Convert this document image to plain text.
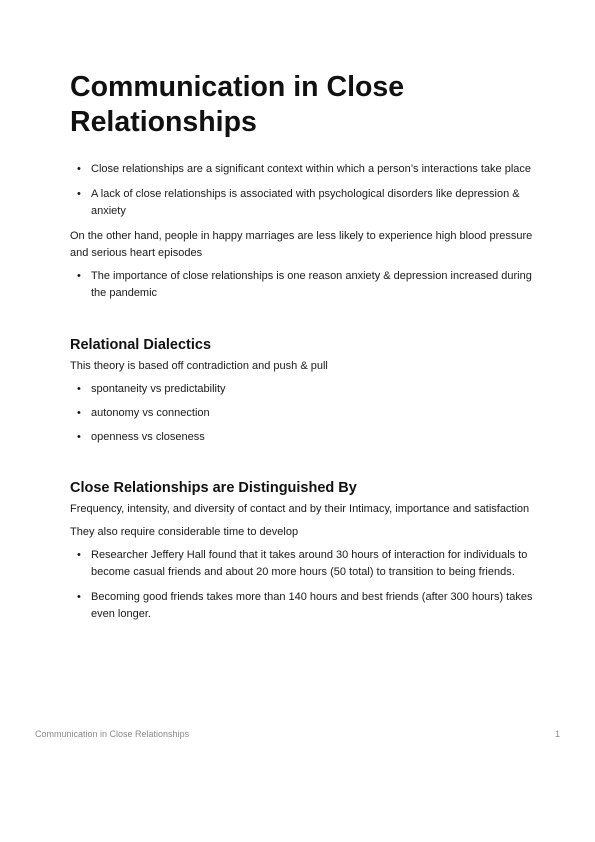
Communication in Close Relationships
• Close relationships are a significant context within which a person’s interactions take place
• A lack of close relationships is associated with psychological disorders like depression & anxiety

On the other hand, people in happy marriages are less likely to experience high blood pressure and serious heart episodes

• The importance of close relationships is one reason anxiety & depression increased during the pandemic
Relational Dialectics

This theory is based off contradiction and push & pull

• spontaneity vs predictability
• autonomy vs connection
• openness vs closeness
Close Relationships are Distinguished By

Frequency, intensity, and diversity of contact and by their Intimacy, importance and satisfaction

They also require considerable time to develop

• Researcher Jeffery Hall found that it takes around 30 hours of interaction for individuals to become casual friends and about 20 more hours (50 total) to transition to being friends.
• Becoming good friends takes more than 140 hours and best friends (after 300 hours) takes even longer.
Communication in Close Relationships	1
